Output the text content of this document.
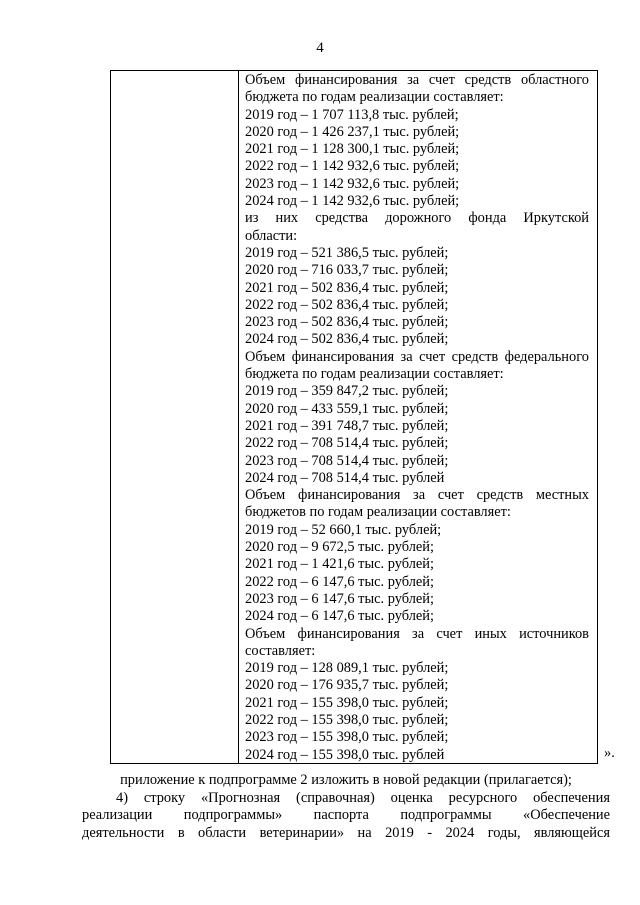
4
Объем финансирования за счет средств областного
бюджета по годам реализации составляет:
2019 год – 1 707 113,8 тыс. рублей;
2020 год – 1 426 237,1 тыс. рублей;
2021 год – 1 128 300,1 тыс. рублей;
2022 год – 1 142 932,6 тыс. рублей;
2023 год – 1 142 932,6 тыс. рублей;
2024 год – 1 142 932,6 тыс. рублей;
из них средства дорожного фонда Иркутской
области:
2019 год – 521 386,5 тыс. рублей;
2020 год – 716 033,7 тыс. рублей;
2021 год – 502 836,4 тыс. рублей;
2022 год – 502 836,4 тыс. рублей;
2023 год – 502 836,4 тыс. рублей;
2024 год – 502 836,4 тыс. рублей;
Объем финансирования за счет средств федерального
бюджета по годам реализации составляет:
2019 год – 359 847,2 тыс. рублей;
2020 год – 433 559,1 тыс. рублей;
2021 год – 391 748,7 тыс. рублей;
2022 год – 708 514,4 тыс. рублей;
2023 год – 708 514,4 тыс. рублей;
2024 год – 708 514,4 тыс. рублей
Объем финансирования за счет средств местных
бюджетов по годам реализации составляет:
2019 год – 52 660,1 тыс. рублей;
2020 год – 9 672,5 тыс. рублей;
2021 год – 1 421,6 тыс. рублей;
2022 год – 6 147,6 тыс. рублей;
2023 год – 6 147,6 тыс. рублей;
2024 год – 6 147,6 тыс. рублей;
Объем финансирования за счет иных источников
составляет:
2019 год – 128 089,1 тыс. рублей;
2020 год – 176 935,7 тыс. рублей;
2021 год – 155 398,0 тыс. рублей;
2022 год – 155 398,0 тыс. рублей;
2023 год – 155 398,0 тыс. рублей;
2024 год – 155 398,0 тыс. рублей	».
приложение к подпрограмме 2 изложить в новой редакции (прилагается);
4) строку «Прогнозная (справочная) оценка ресурсного обеспечения
реализации подпрограммы» паспорта подпрограммы «Обеспечение
деятельности в области ветеринарии» на 2019 - 2024 годы, являющейся
